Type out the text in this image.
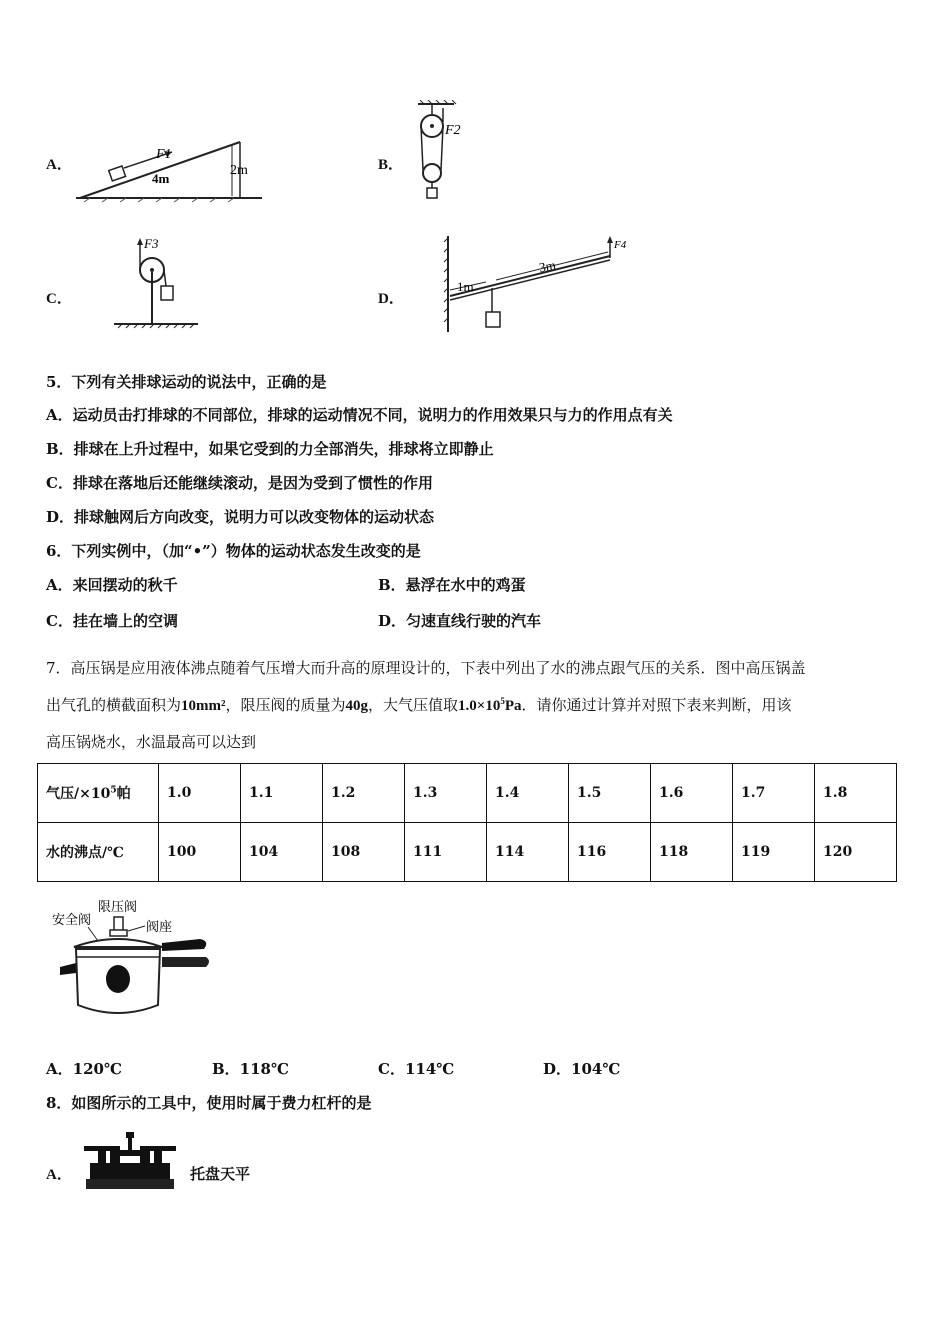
A．
F1
4m
2m	B．
F2
C．
F3
D．
1m
3m
F4
5．下列有关排球运动的说法中，正确的是
A．运动员击打排球的不同部位，排球的运动情况不同，说明力的作用效果只与力的作用点有关
B．排球在上升过程中，如果它受到的力全部消失，排球将立即静止
C．排球在落地后还能继续滚动，是因为受到了惯性的作用
D．排球触网后方向改变，说明力可以改变物体的运动状态
6．下列实例中，（加“•”）物体的运动状态发生改变的是
A．来回摆动的秋千	B．悬浮在水中的鸡蛋
C．挂在墙上的空调	D．匀速直线行驶的汽车
7．高压锅是应用液体沸点随着气压增大而升高的原理设计的，下表中列出了水的沸点跟气压的关系．图中高压锅盖
出气孔的横截面积为10mm²，限压阀的质量为40g，大气压值取$1.0\times 10^5Pa$．请你通过计算并对照下表来判断，用该
高压锅烧水，水温最高可以达到
气压$/\times 10^5$帕	1.0	1.1	1.2	1.3	1.4	1.5	1.6	1.7	1.8
水的沸点/℃	100	104	108	111	114	116	118	119	120
限压阀
安全阀	阀座
A．120℃	B．118℃	C．114℃	D．104℃
8．如图所示的工具中，使用时属于费力杠杆的是
A．	托盘天平
